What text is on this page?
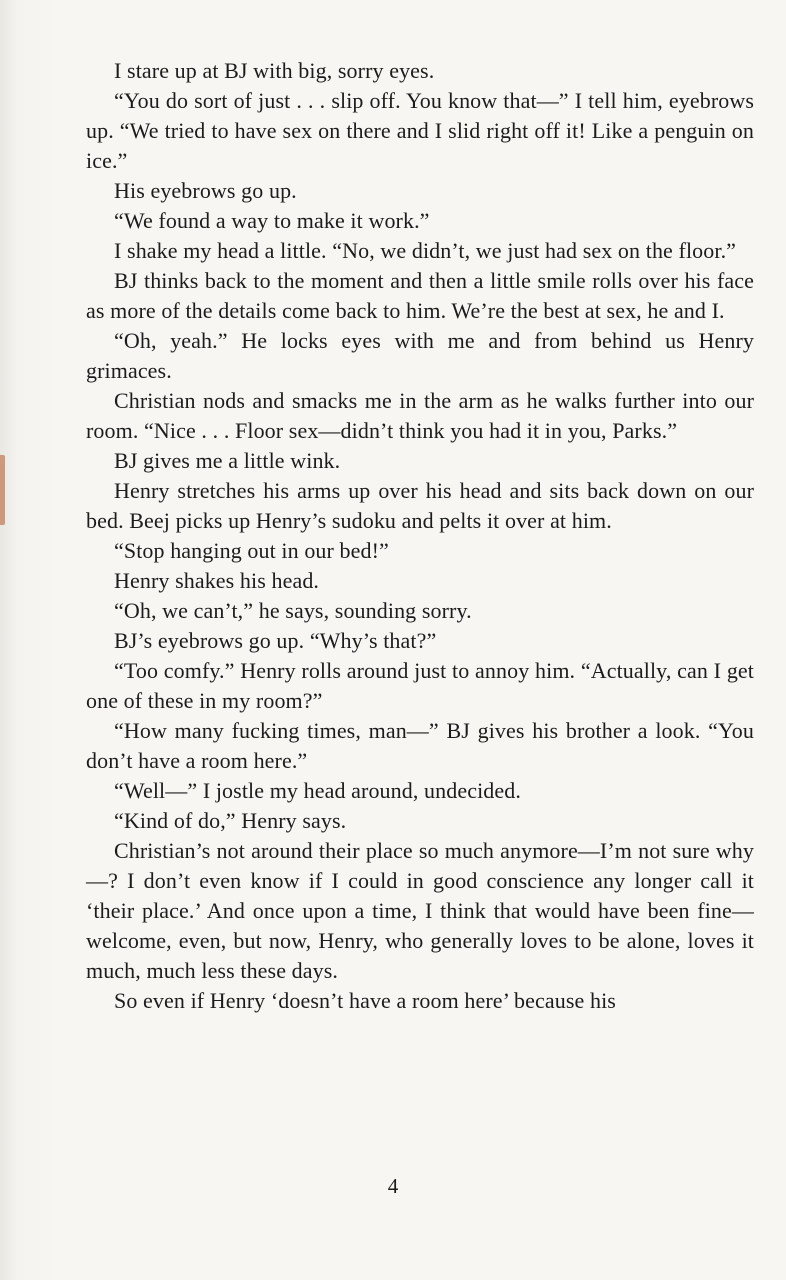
I stare up at BJ with big, sorry eyes.

“You do sort of just . . . slip off. You know that—” I tell him, eyebrows up. “We tried to have sex on there and I slid right off it! Like a penguin on ice.”

His eyebrows go up.

“We found a way to make it work.”

I shake my head a little. “No, we didn’t, we just had sex on the floor.”

BJ thinks back to the moment and then a little smile rolls over his face as more of the details come back to him. We’re the best at sex, he and I.

“Oh, yeah.” He locks eyes with me and from behind us Henry grimaces.

Christian nods and smacks me in the arm as he walks further into our room. “Nice . . . Floor sex—didn’t think you had it in you, Parks.”

BJ gives me a little wink.

Henry stretches his arms up over his head and sits back down on our bed. Beej picks up Henry’s sudoku and pelts it over at him.

“Stop hanging out in our bed!”

Henry shakes his head.

“Oh, we can’t,” he says, sounding sorry.

BJ’s eyebrows go up. “Why’s that?”

“Too comfy.” Henry rolls around just to annoy him. “Actually, can I get one of these in my room?”

“How many fucking times, man—” BJ gives his brother a look. “You don’t have a room here.”

“Well—” I jostle my head around, undecided.

“Kind of do,” Henry says.

Christian’s not around their place so much anymore—I’m not sure why—? I don’t even know if I could in good conscience any longer call it ‘their place.’ And once upon a time, I think that would have been fine—welcome, even, but now, Henry, who generally loves to be alone, loves it much, much less these days.

So even if Henry ‘doesn’t have a room here’ because his

4
